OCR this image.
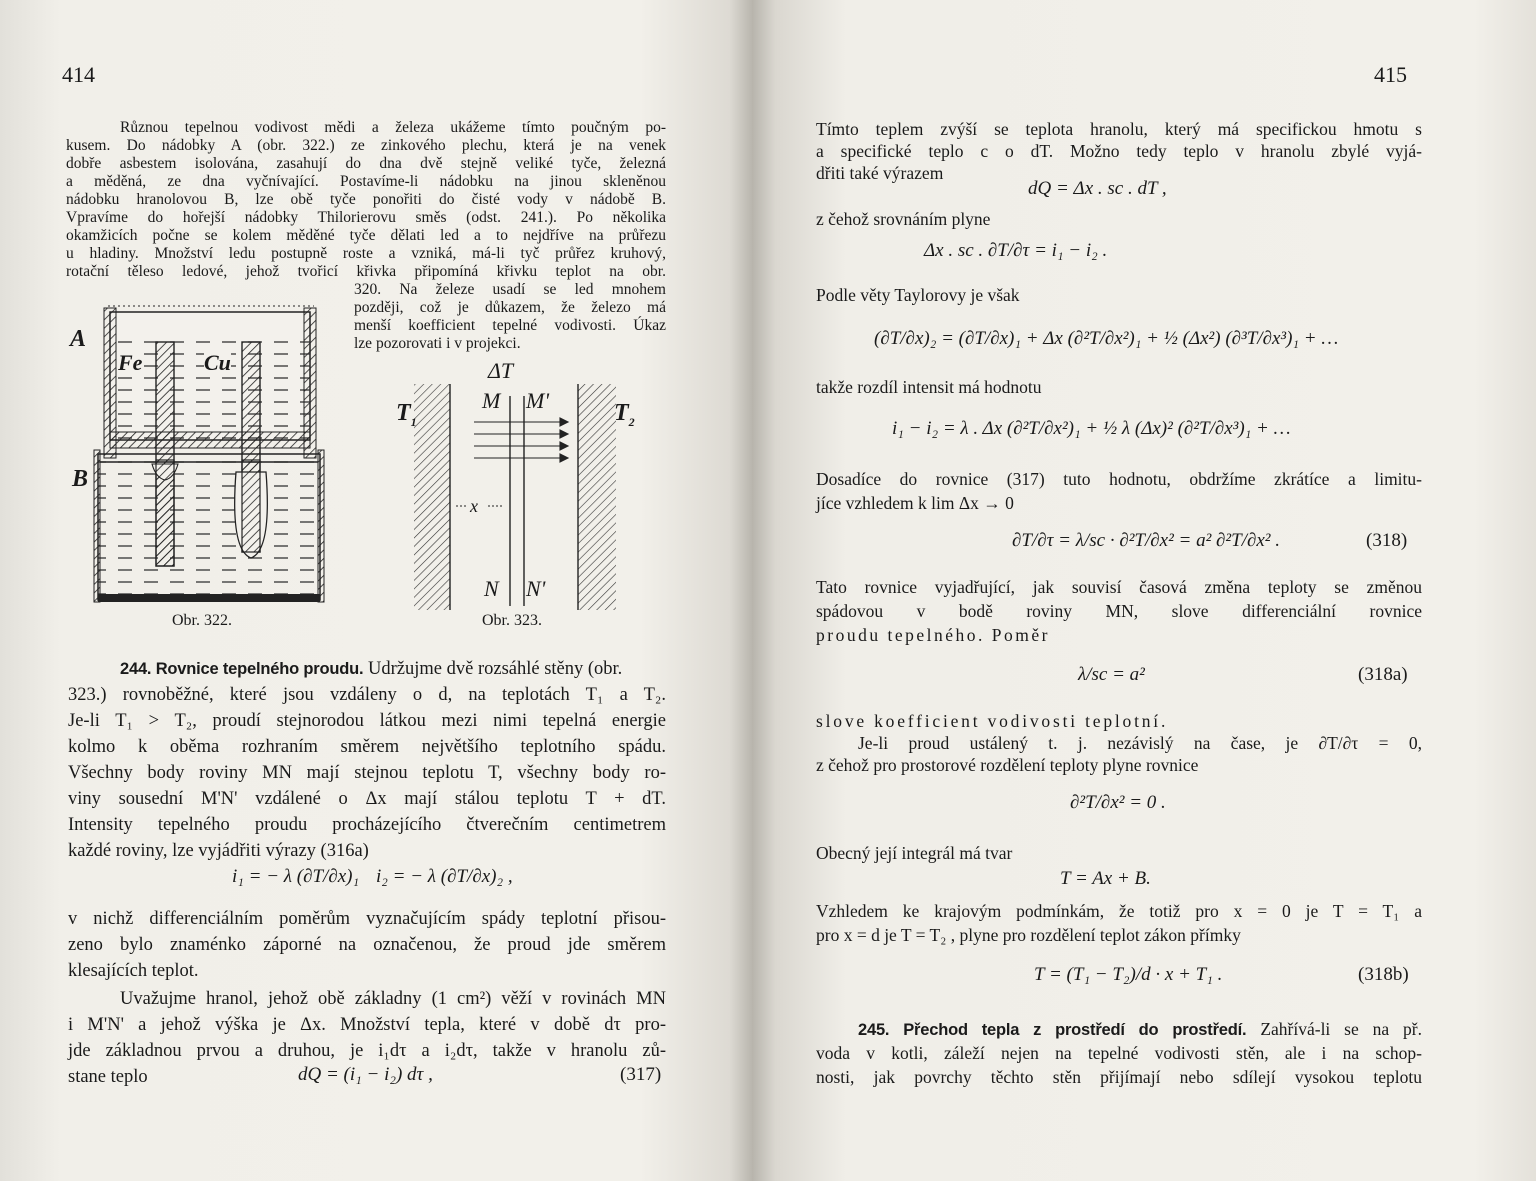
414
Různou tepelnou vodivost mědi a železa ukážeme tímto poučným po-
kusem. Do nádobky A (obr. 322.) ze zinkového plechu, která je na venek
dobře asbestem isolována, zasahují do dna dvě stejně veliké tyče, železná
a měděná, ze dna vyčnívající. Postavíme-li nádobku na jinou skleněnou
nádobku hranolovou B, lze obě tyče ponořiti do čisté vody v nádobě B.
Vpravíme do hořejší nádobky Thilorierovu směs (odst. 241.). Po několika
okamžicích počne se kolem měděné tyče dělati led a to nejdříve na průřezu
u hladiny. Množství ledu postupně roste a vzniká, má-li tyč průřez kruhový,
rotační těleso ledové, jehož tvořicí křivka připomíná křivku teplot na obr.
320. Na železe usadí se led mnohem
později, což je důkazem, že železo má
menší koefficient tepelné vodivosti. Úkaz
lze pozorovati i v projekci.
A
B
Fe	Cu
Obr. 322.
ΔT
M M'
$T_1$	$T_2$
x
N N'
Obr. 323.
244. Rovnice tepelného proudu. Udržujme dvě rozsáhlé stěny (obr.
323.) rovnoběžné, které jsou vzdáleny o d, na teplotách T₁ a T₂.
Je-li T₁ > T₂, proudí stejnorodou látkou mezi nimi tepelná energie
kolmo k oběma rozhraním směrem největšího teplotního spádu.
Všechny body roviny MN mají stejnou teplotu T, všechny body ro-
viny sousední M'N' vzdálené o Δx mají stálou teplotu T + dT.
Intensity tepelného proudu procházejícího čtverečním centimetrem
každé roviny, lze vyjádřiti výrazy (316a)
i₁ = − λ (∂T/∂x)₁ i₂ = − λ (∂T/∂x)₂ ,
v nichž differenciálním poměrům vyznačujícím spády teplotní přisou-
zeno bylo znaménko záporné na označenou, že proud jde směrem
klesajících teplot.
Uvažujme hranol, jehož obě základny (1 cm²) věží v rovinách MN
i M'N' a jehož výška je Δx. Množství tepla, které v době dτ pro-
jde základnou prvou a druhou, je i₁dτ a i₂dτ, takže v hranolu zů-
stane teplo	dQ = (i₁ − i₂) dτ ,	(317)
415
Tímto teplem zvýší se teplota hranolu, který má specifickou hmotu s
a specifické teplo c o dT. Možno tedy teplo v hranolu zbylé vyjá-
dřiti také výrazem
dQ = Δx . sc . dT ,
z čehož srovnáním plyne
Δx . sc . ∂T/∂τ = i₁ − i₂ .
Podle věty Taylorovy je však
(∂T/∂x)₂ = (∂T/∂x)₁ + Δx (∂²T/∂x²)₁ + ½ (Δx²) (∂³T/∂x³)₁ + …
takže rozdíl intensit má hodnotu
i₁ − i₂ = λ . Δx (∂²T/∂x²)₁ + ½ λ (Δx)² (∂²T/∂x³)₁ + …
Dosadíce do rovnice (317) tuto hodnotu, obdržíme zkrátíce a limitu-
jíce vzhledem k lim Δx → 0
∂T/∂τ = λ/sc · ∂²T/∂x² = a² ∂²T/∂x² .	(318)
Tato rovnice vyjadřující, jak souvisí časová změna teploty se změnou
spádovou v bodě roviny MN, slove differenciální rovnice
proudu tepelného. Poměr
λ/sc = a²	(318a)
slove koefficient vodivosti teplotní.
Je-li proud ustálený t. j. nezávislý na čase, je ∂T/∂τ = 0,
z čehož pro prostorové rozdělení teploty plyne rovnice
∂²T/∂x² = 0 .
Obecný její integrál má tvar
T = Ax + B.
Vzhledem ke krajovým podmínkám, že totiž pro x = 0 je T = T₁ a
pro x = d je T = T₂ , plyne pro rozdělení teplot zákon přímky
T = (T₁ − T₂)/d · x + T₁ .	(318b)
245. Přechod tepla z prostředí do prostředí. Zahřívá-li se na př.
voda v kotli, záleží nejen na tepelné vodivosti stěn, ale i na schop-
nosti, jak povrchy těchto stěn přijímají nebo sdílejí vysokou teplotu
